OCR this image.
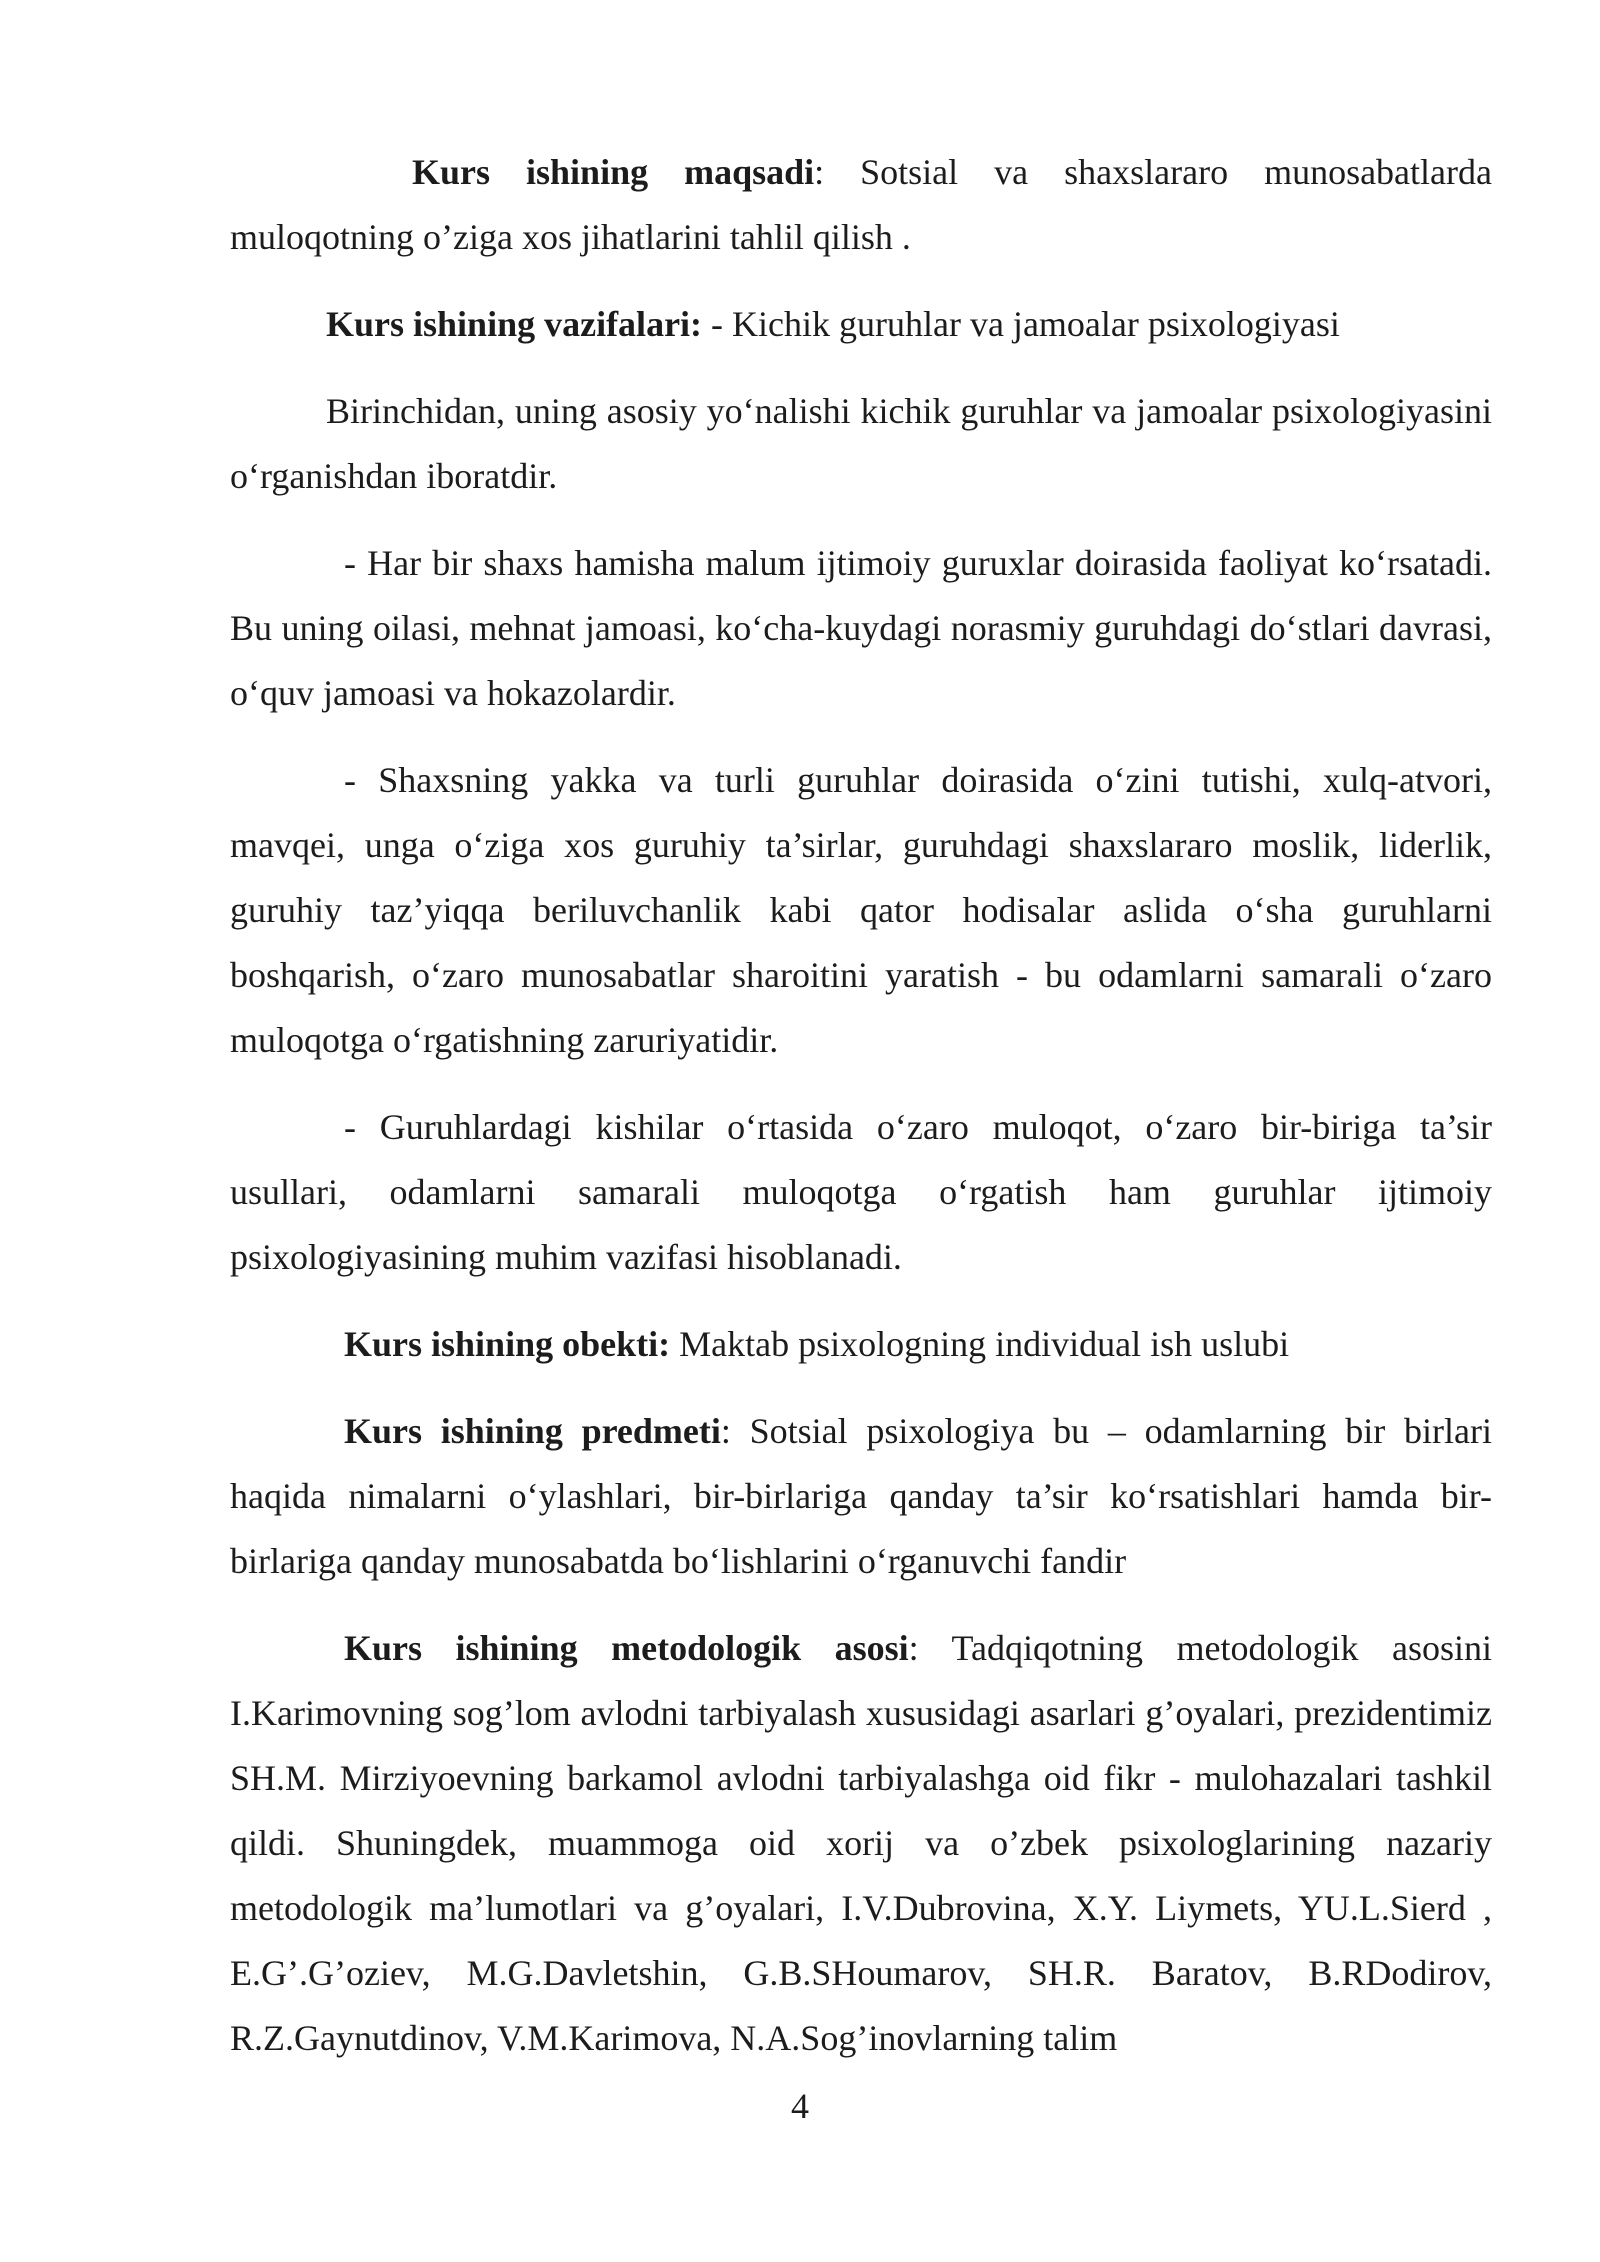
Kurs ishining maqsadi: Sotsial va shaxslararo munosabatlarda muloqotning o’ziga xos jihatlarini tahlil qilish .

Kurs ishining vazifalari: - Kichik guruhlar va jamoalar psixologiyasi

Birinchidan, uning asosiy yo‘nalishi kichik guruhlar va jamoalar psixologiyasini o‘rganishdan iboratdir.

- Har bir shaxs hamisha malum ijtimoiy guruxlar doirasida faoliyat ko‘rsatadi. Bu uning oilasi, mehnat jamoasi, ko‘cha-kuydagi norasmiy guruhdagi do‘stlari davrasi, o‘quv jamoasi va hokazolardir.

- Shaxsning yakka va turli guruhlar doirasida o‘zini tutishi, xulq-atvori, mavqei, unga o‘ziga xos guruhiy ta’sirlar, guruhdagi shaxslararo moslik, liderlik, guruhiy taz’yiqqa beriluvchanlik kabi qator hodisalar aslida o‘sha guruhlarni boshqarish, o‘zaro munosabatlar sharoitini yaratish - bu odamlarni samarali o‘zaro muloqotga o‘rgatishning zaruriyatidir.

- Guruhlardagi kishilar o‘rtasida o‘zaro muloqot, o‘zaro bir-biriga ta’sir usullari, odamlarni samarali muloqotga o‘rgatish ham guruhlar ijtimoiy psixologiyasining muhim vazifasi hisoblanadi.

Kurs ishining obekti: Maktab psixologning individual ish uslubi

Kurs ishining predmeti: Sotsial psixologiya bu – odamlarning bir birlari haqida nimalarni o‘ylashlari, bir-birlariga qanday ta’sir ko‘rsatishlari hamda bir-birlariga qanday munosabatda bo‘lishlarini o‘rganuvchi fandir

Kurs ishining metodologik asosi: Tadqiqotning metodologik asosini I.Karimovning sog’lom avlodni tarbiyalash xususidagi asarlari g’oyalari, prezidentimiz SH.M. Mirziyoevning barkamol avlodni tarbiyalashga oid fikr - mulohazalari tashkil qildi. Shuningdek, muammoga oid xorij va o’zbek psixologlarining nazariy metodologik ma’lumotlari va g’oyalari, I.V.Dubrovina, X.Y. Liymets, YU.L.Sierd , E.G’.G’oziev, M.G.Davletshin, G.B.SHoumarov, SH.R. Baratov, B.RDodirov, R.Z.Gaynutdinov, V.M.Karimova, N.A.Sog’inovlarning talim

4
